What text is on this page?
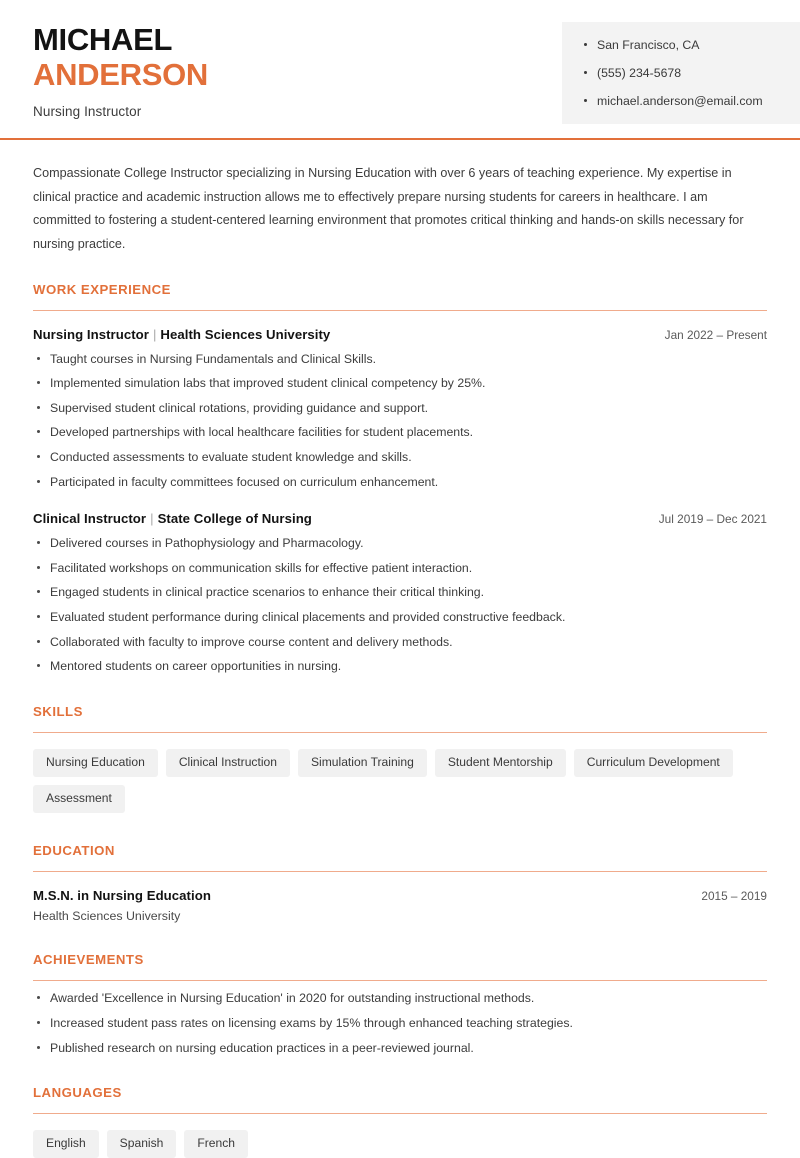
MICHAEL
ANDERSON
Nursing Instructor
San Francisco, CA
(555) 234-5678
michael.anderson@email.com

Compassionate College Instructor specializing in Nursing Education with over 6 years of teaching experience. My expertise in clinical practice and academic instruction allows me to effectively prepare nursing students for careers in healthcare. I am committed to fostering a student-centered learning environment that promotes critical thinking and hands-on skills necessary for nursing practice.

WORK EXPERIENCE
Nursing Instructor | Health Sciences University	Jan 2022 – Present
Taught courses in Nursing Fundamentals and Clinical Skills.
Implemented simulation labs that improved student clinical competency by 25%.
Supervised student clinical rotations, providing guidance and support.
Developed partnerships with local healthcare facilities for student placements.
Conducted assessments to evaluate student knowledge and skills.
Participated in faculty committees focused on curriculum enhancement.
Clinical Instructor | State College of Nursing	Jul 2019 – Dec 2021
Delivered courses in Pathophysiology and Pharmacology.
Facilitated workshops on communication skills for effective patient interaction.
Engaged students in clinical practice scenarios to enhance their critical thinking.
Evaluated student performance during clinical placements and provided constructive feedback.
Collaborated with faculty to improve course content and delivery methods.
Mentored students on career opportunities in nursing.
SKILLS
Nursing Education	Clinical Instruction	Simulation Training	Student Mentorship	Curriculum Development
Assessment
EDUCATION
M.S.N. in Nursing Education	2015 – 2019
Health Sciences University
ACHIEVEMENTS
Awarded 'Excellence in Nursing Education' in 2020 for outstanding instructional methods.
Increased student pass rates on licensing exams by 15% through enhanced teaching strategies.
Published research on nursing education practices in a peer-reviewed journal.
LANGUAGES
English	Spanish	French
